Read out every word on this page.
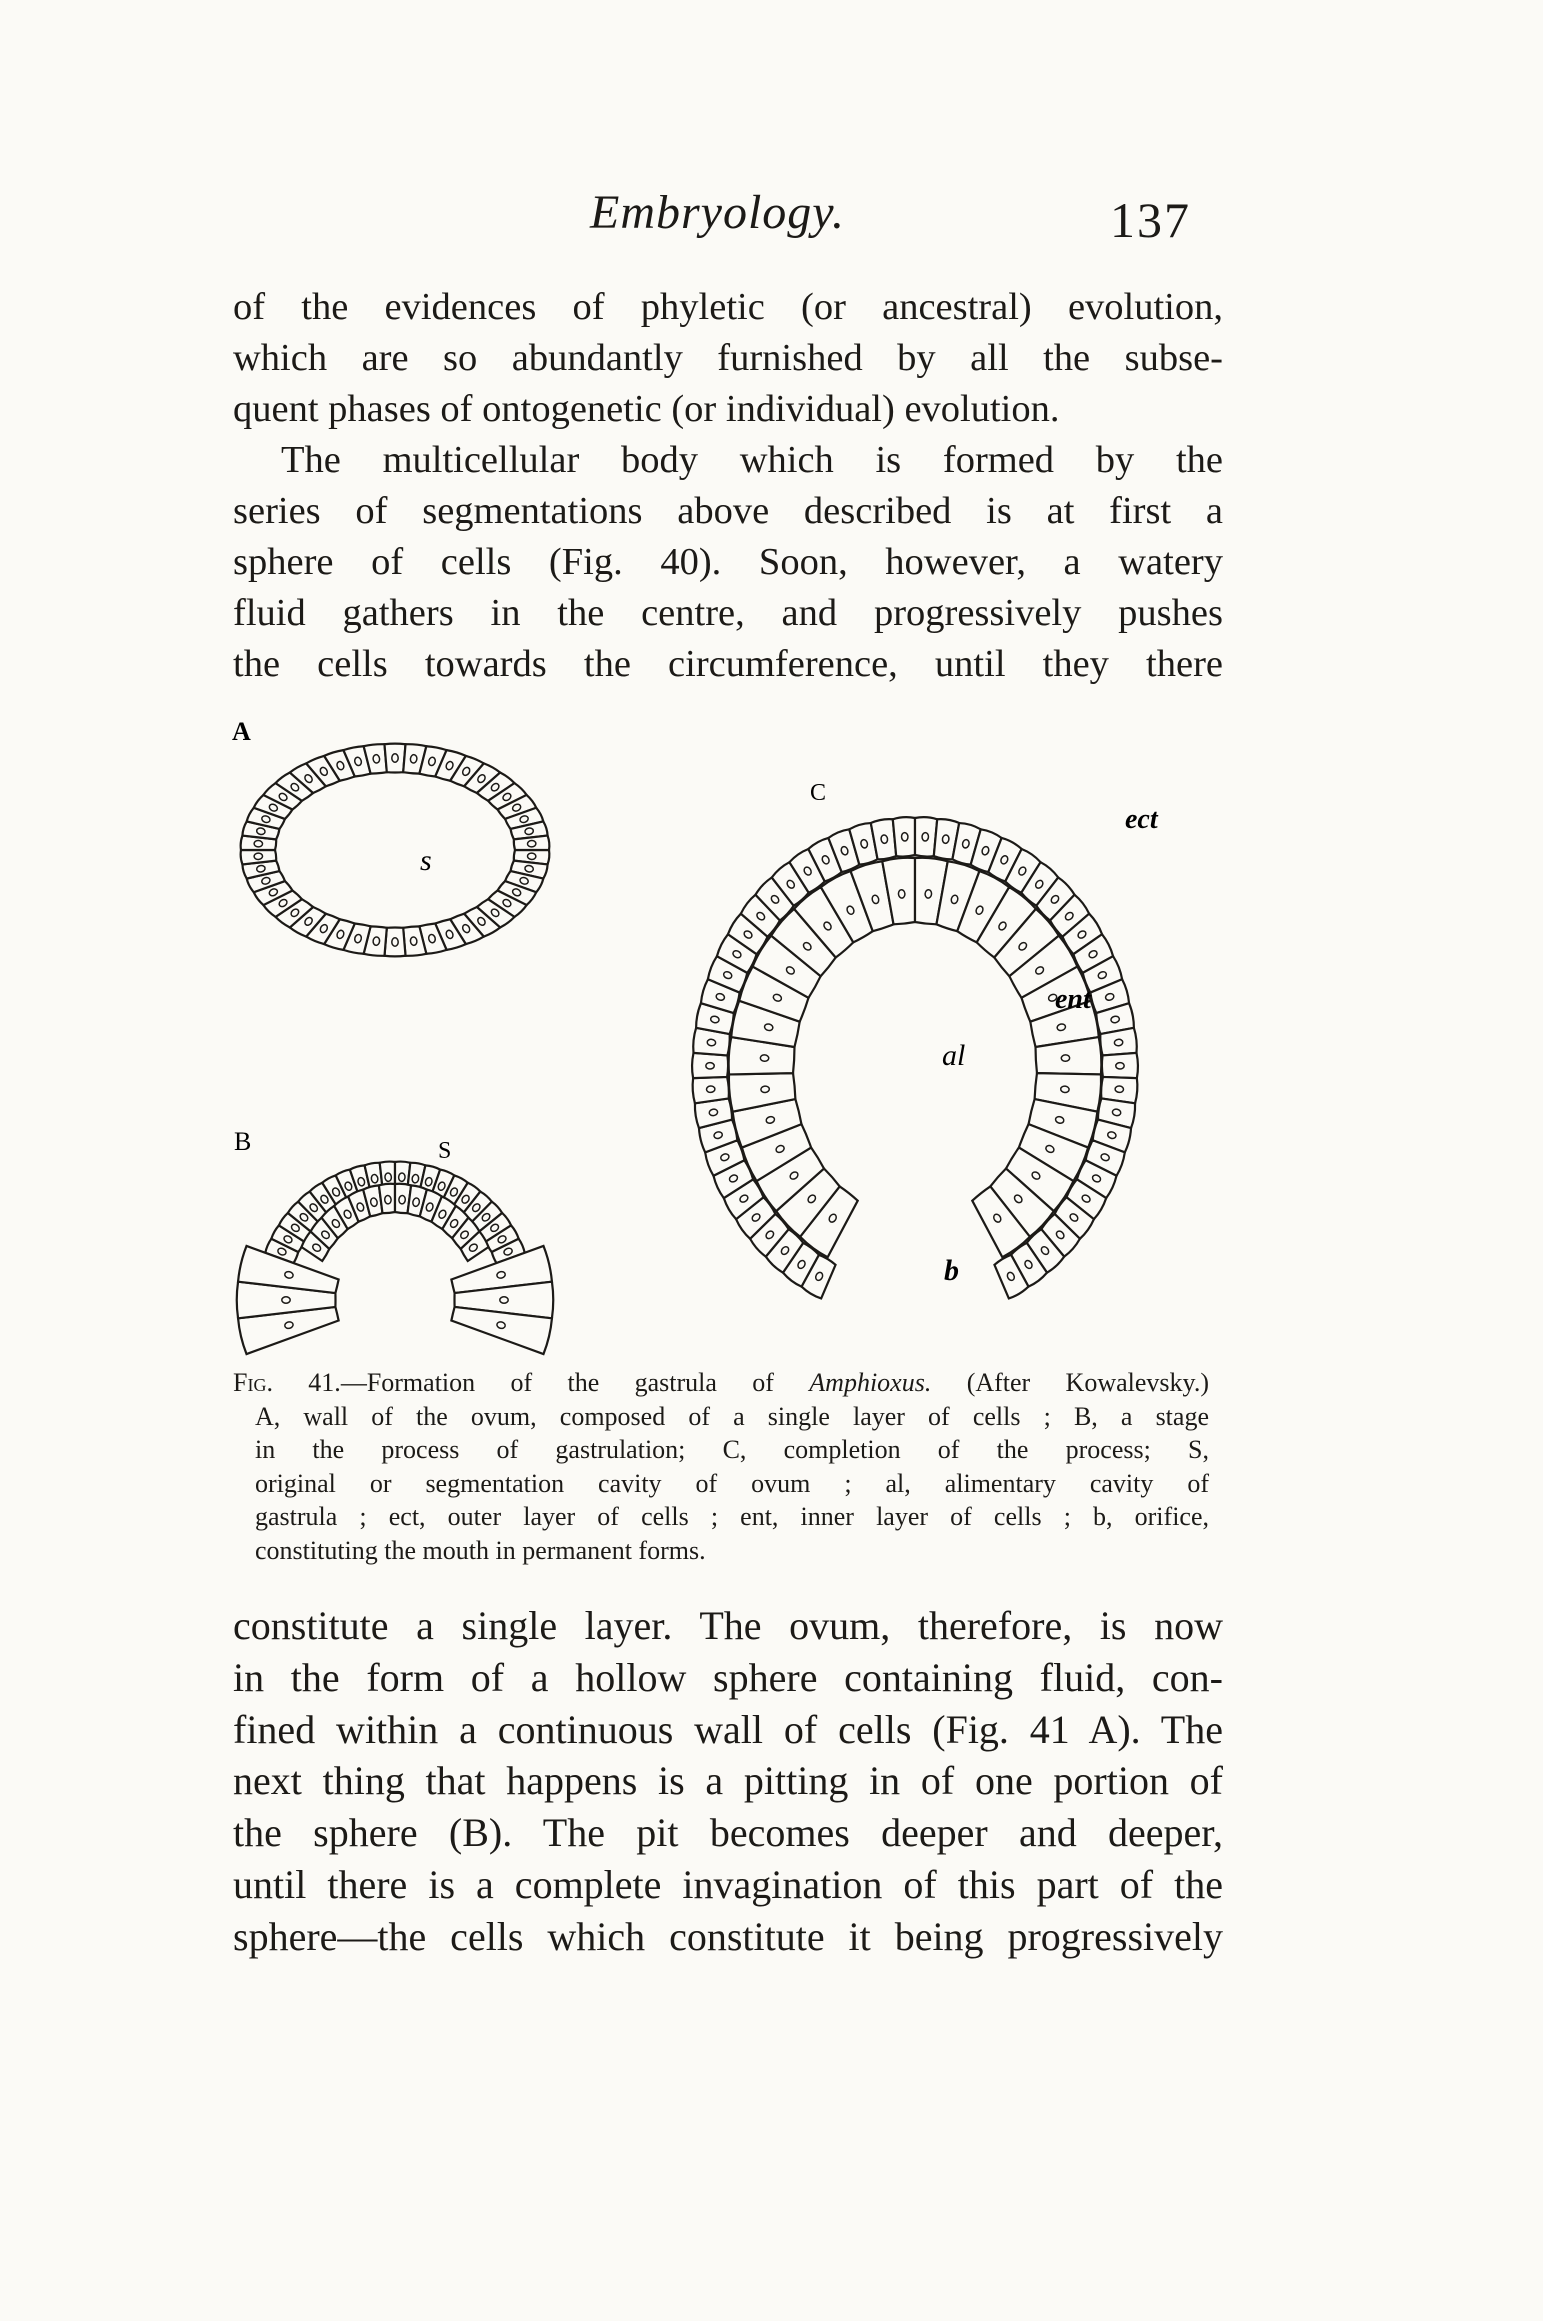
Embryology.	137

of the evidences of phyletic (or ancestral) evolution,
which are so abundantly furnished by all the subse-
quent phases of ontogenetic (or individual) evolution.
The multicellular body which is formed by the
series of segmentations above described is at first a
sphere of cells (Fig. 40). Soon, however, a watery
fluid gathers in the centre, and progressively pushes
the cells towards the circumference, until they there

A
s
B	S
C
ect
ent
al
b

Fig. 41.—Formation of the gastrula of Amphioxus. (After Kowalevsky.)
A, wall of the ovum, composed of a single layer of cells ; B, a stage
in the process of gastrulation; C, completion of the process; S,
original or segmentation cavity of ovum ; al, alimentary cavity of
gastrula ; ect, outer layer of cells ; ent, inner layer of cells ; b, orifice,
constituting the mouth in permanent forms.

constitute a single layer. The ovum, therefore, is now
in the form of a hollow sphere containing fluid, con-
fined within a continuous wall of cells (Fig. 41 A). The
next thing that happens is a pitting in of one portion of
the sphere (B). The pit becomes deeper and deeper,
until there is a complete invagination of this part of the
sphere—the cells which constitute it being progressively
